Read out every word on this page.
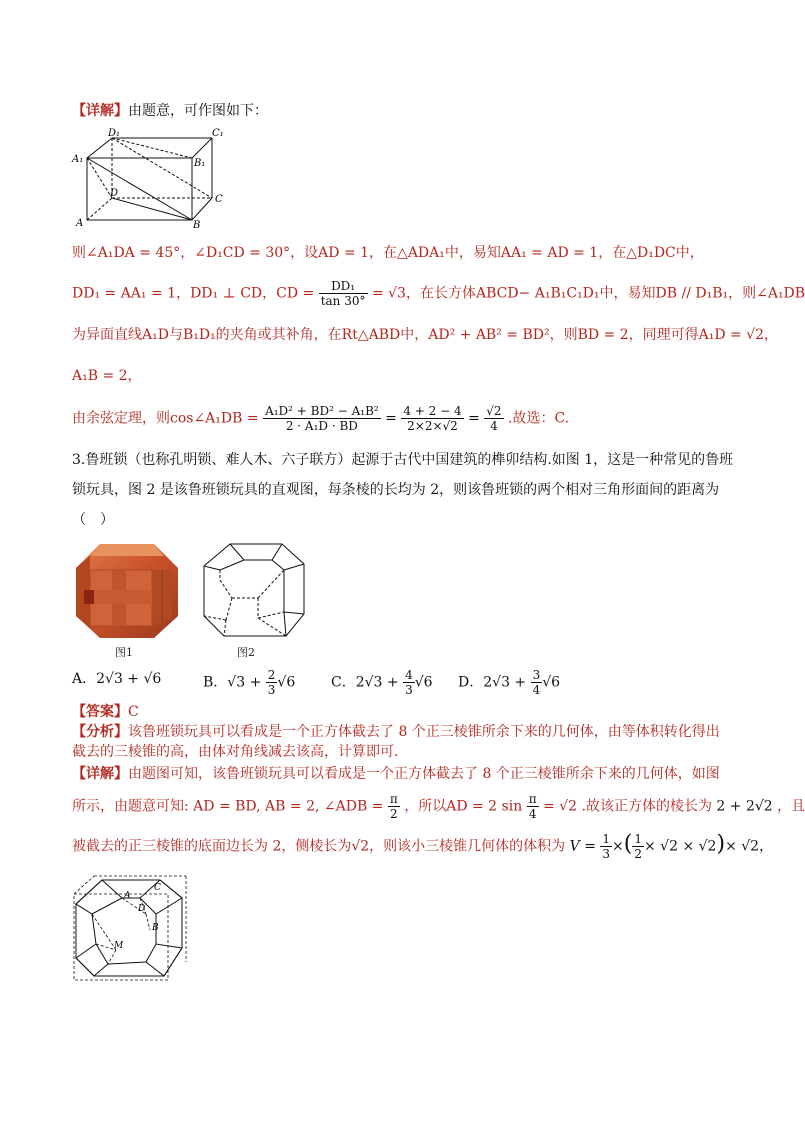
【详解】由题意，可作图如下：
D₁	C₁
A₁	B₁
D
C
A	B
则∠A₁DA = 45°，∠D₁CD = 30°，设AD = 1，在△ADA₁中，易知AA₁ = AD = 1，在△D₁DC中，
DD₁ = AA₁ = 1，DD₁ ⊥ CD，CD = $\frac{\text{DD₁}}{\tan 30^\circ} = √3$，在长方体ABCD− A₁B₁C₁D₁中，易知DB // D₁B₁，则∠A₁DB
为异面直线A₁D与B₁D₁的夹角或其补角，在Rt△ABD中，AD² + AB² = BD²，则BD = 2，同理可得A₁D = √2，
A₁B = 2，
由余弦定理，则cos∠A₁DB = $\frac{\text{A₁D² + BD² − A₁B²}}{\text{2 · A₁D · BD}} = \frac{4 + 2 - 4}{2\times 2\times√2} = \frac{√2}{4}$ .故选：C.
3.鲁班锁（也称孔明锁、难人木、六子联方）起源于古代中国建筑的榫卯结构.如图 1，这是一种常见的鲁班
锁玩具，图 2 是该鲁班锁玩具的直观图，每条棱的长均为 2，则该鲁班锁的两个相对三角形面间的距离为
（　）
图1	图2
A．2√3 + √6	B．$√3 + \frac{2}{3} √6$	C．$2√3 + \frac{4}{3} √6$ D．$2√3 + \frac{3}{4} √6$
【答案】C
【分析】该鲁班锁玩具可以看成是一个正方体截去了 8 个正三棱锥所余下来的几何体，由等体积转化得出
截去的三棱锥的高，由体对角线减去该高，计算即可.
【详解】由题图可知，该鲁班锁玩具可以看成是一个正方体截去了 8 个正三棱锥所余下来的几何体，如图
所示，由题意可知: AD = BD, AB = 2, ∠ADB = $\frac{\pi}{2}$ ，所以AD = 2 $\sin \frac{\pi}{4} = √2$ .故该正方体的棱长为 2 + 2√2 ，且
被截去的正三棱锥的底面边长为 2，侧棱长为√2，则该小三棱锥几何体的体积为 $V = \frac{1}{3}$ ×( $\frac{1}{2} \times √2 \times √2)\times √2$，
A
C
D
B
M
